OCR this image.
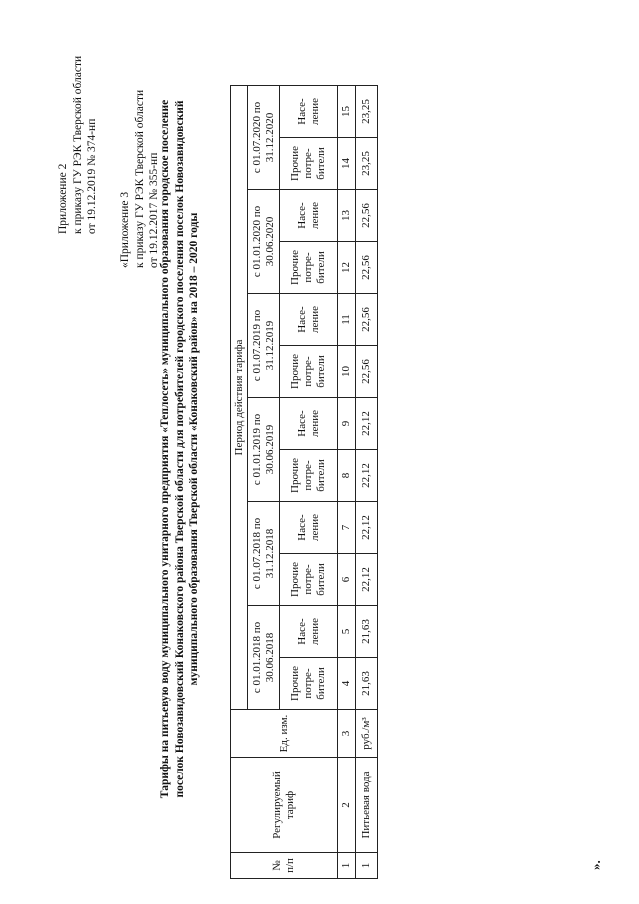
Приложение 2 к приказу ГУ РЭК Тверской области от 19.12.2019 № 374-нп «Приложение 3 к приказу ГУ РЭК Тверской области от 19.12.2017 № 355-нп Тарифы на питьевую воду муниципального унитарного предприятия «Теплосеть» муниципального образования городское поселение поселок Новозавидовский Конаковского района Тверской области для потребителей городского поселения поселок Новозавидовский муниципального образования Тверской области «Конаковский район» на 2018 – 2020 годы
№ п/п	Регулируемый тариф	Ед. изм.	Период действия тарифа											
			с 01.01.2018 по 30.06.2018		с 01.07.2018 по 31.12.2018		с 01.01.2019 по 30.06.2019		с 01.07.2019 по 31.12.2019		с 01.01.2020 по 30.06.2020		с 01.07.2020 по 31.12.2020	
			Прочие потре-бители	Насе-ление	Прочие потре-бители	Насе-ление	Прочие потре-бители	Насе-ление	Прочие потре-бители	Насе-ление	Прочие потре-бители	Насе-ление	Прочие потре-бители	Насе-ление
1	2	3	4	5	6	7	8	9	10	11	12	13	14	15
1	Питьевая вода	руб./м³	21,63	21,63	22,12	22,12	22,12	22,12	22,56	22,56	22,56	22,56	23,25	23,25
».
